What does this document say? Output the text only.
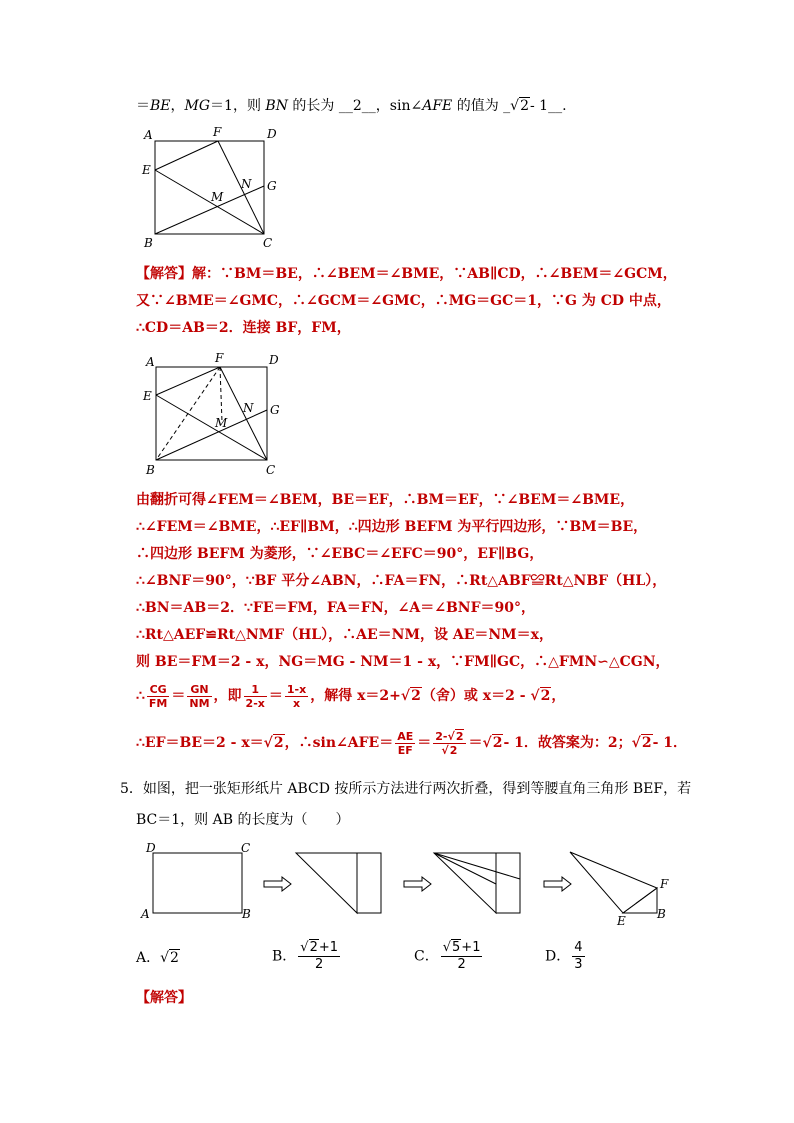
＝BE，MG＝1，则 BN 的长为 __2__，sin∠AFE 的值为 _√2- 1__.
A	F	D
E
N G
M
B	C
【解答】解：∵BM＝BE，∴∠BEM＝∠BME，∵AB∥CD，∴∠BEM＝∠GCM，
又∵∠BME＝∠GMC，∴∠GCM＝∠GMC，∴MG＝GC＝1，∵G 为 CD 中点，
∴CD＝AB＝2．连接 BF，FM，
A	F	D
E
N G
M
B	C
由翻折可得∠FEM＝∠BEM，BE＝EF，∴BM＝EF，∵∠BEM＝∠BME，
∴∠FEM＝∠BME，∴EF∥BM，∴四边形 BEFM 为平行四边形，∵BM＝BE，
∴四边形 BEFM 为菱形，∵∠EBC＝∠EFC＝90°，EF∥BG，
∴∠BNF＝90°，∵BF 平分∠ABN，∴FA＝FN，∴Rt△ABF≌Rt△NBF（HL），
∴BN＝AB＝2．∵FE＝FM，FA＝FN，∠A＝∠BNF＝90°，
∴Rt△AEF≌Rt△NMF（HL），∴AE＝NM，设 AE＝NM＝x，
则 BE＝FM＝2 - x，NG＝MG - NM＝1 - x，∵FM∥GC，∴△FMN∽△CGN，
∴ $\frac{CG}{FM} = \frac{GN}{NM}$ ，即 $\frac{1}{2-x} = \frac{1-x}{x}$ ，解得 x＝2+√2（舍）或 x＝2 - √2，
∴EF＝BE＝2 - x＝√2，∴sin∠AFE＝ $\frac{AE}{EF} = \frac{2-√2}{√2} =√2-$ 1．故答案为：2；√2- 1．
5．如图，把一张矩形纸片 ABCD 按所示方法进行两次折叠，得到等腰直角三角形 BEF，若
BC＝1，则 AB 的长度为（　　）
D	C
A	B
F
E	B
A．√2	B． $\frac{√2+1}{2}$	C． $\frac{√5+1}{2}$	D． $\frac{4}{3}$
【解答】
